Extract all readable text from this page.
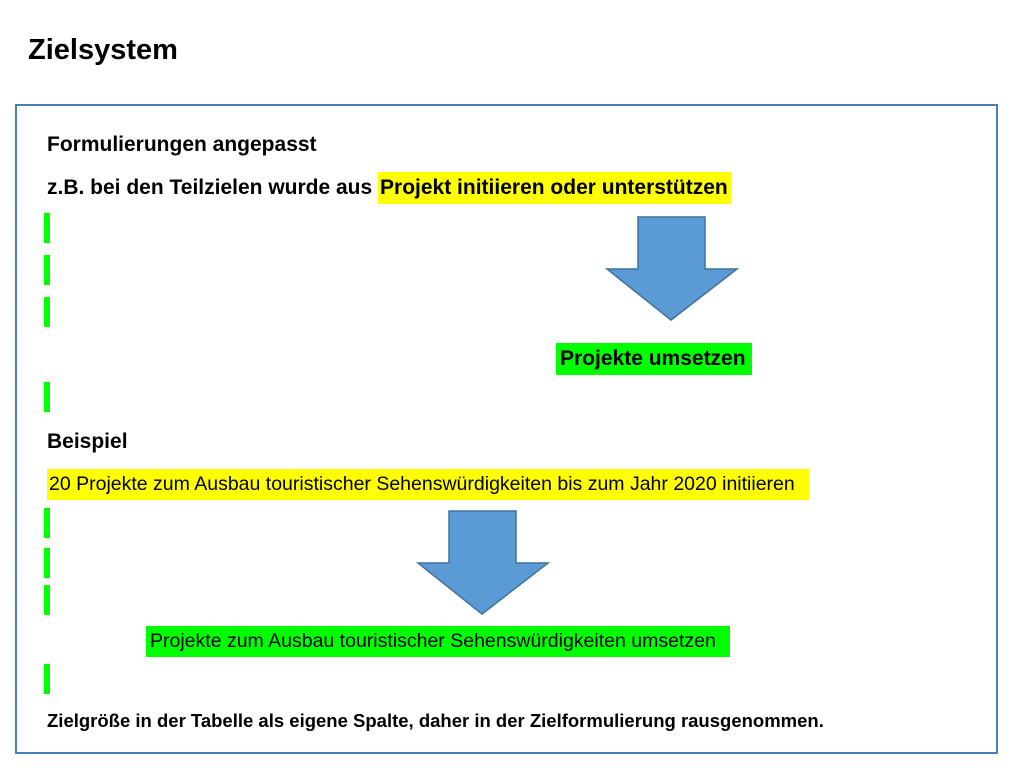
Zielsystem
Formulierungen angepasst
z.B. bei den Teilzielen wurde aus Projekt initiieren oder unterstützen
Projekte umsetzen
Beispiel
20 Projekte zum Ausbau touristischer Sehenswürdigkeiten bis zum Jahr 2020 initiieren
Projekte zum Ausbau touristischer Sehenswürdigkeiten umsetzen
Zielgröße in der Tabelle als eigene Spalte, daher in der Zielformulierung rausgenommen.
